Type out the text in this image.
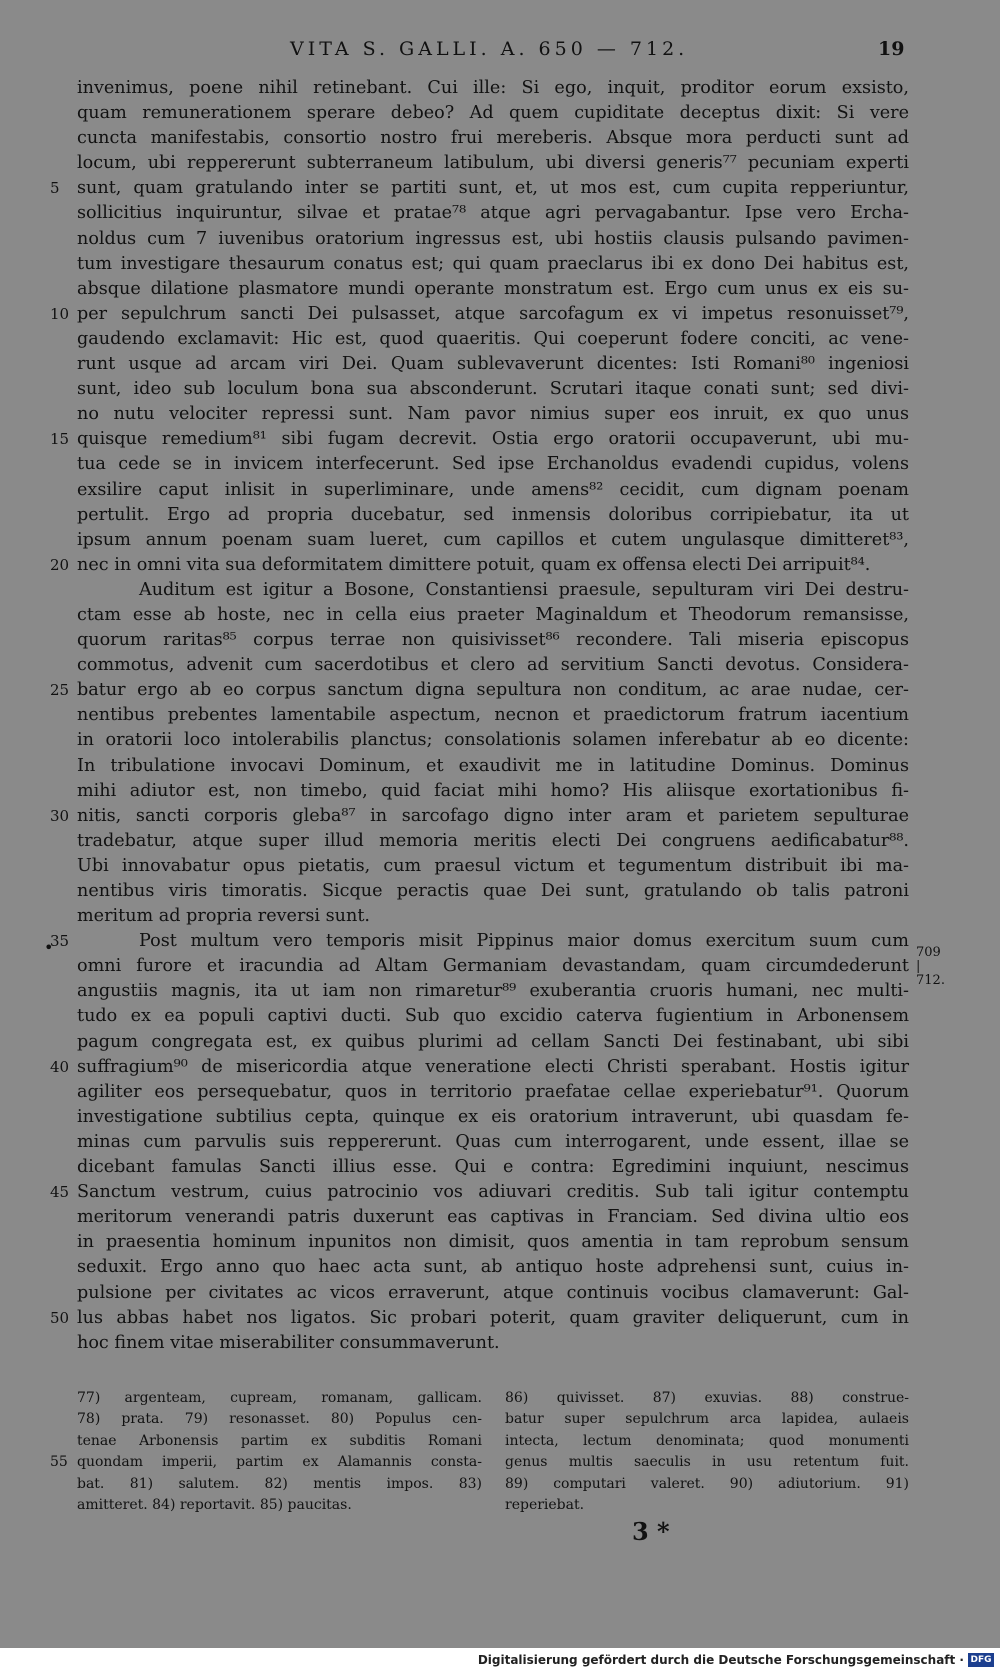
VITA S. GALLI. A. 650 — 712.	19
invenimus, poene nihil retinebant. Cui ille: Si ego, inquit, proditor eorum exsisto,
quam remunerationem sperare debeo? Ad quem cupiditate deceptus dixit: Si vere
cuncta manifestabis, consortio nostro frui mereberis. Absque mora perducti sunt ad
locum, ubi reppererunt subterraneum latibulum, ubi diversi generis⁷⁷ pecuniam experti
5 sunt, quam gratulando inter se partiti sunt, et, ut mos est, cum cupita repperiuntur,
sollicitius inquiruntur, silvae et pratae⁷⁸ atque agri pervagabantur. Ipse vero Ercha-
noldus cum 7 iuvenibus oratorium ingressus est, ubi hostiis clausis pulsando pavimen-
tum investigare thesaurum conatus est; qui quam praeclarus ibi ex dono Dei habitus est,
absque dilatione plasmatore mundi operante monstratum est. Ergo cum unus ex eis su-
10 per sepulchrum sancti Dei pulsasset, atque sarcofagum ex vi impetus resonuisset⁷⁹,
gaudendo exclamavit: Hic est, quod quaeritis. Qui coeperunt fodere conciti, ac vene-
runt usque ad arcam viri Dei. Quam sublevaverunt dicentes: Isti Romani⁸⁰ ingeniosi
sunt, ideo sub loculum bona sua absconderunt. Scrutari itaque conati sunt; sed divi-
no nutu velociter repressi sunt. Nam pavor nimius super eos inruit, ex quo unus
15 quisque remedium⁸¹ sibi fugam decrevit. Ostia ergo oratorii occupaverunt, ubi mu-
tua cede se in invicem interfecerunt. Sed ipse Erchanoldus evadendi cupidus, volens
exsilire caput inlisit in superliminare, unde amens⁸² cecidit, cum dignam poenam
pertulit. Ergo ad propria ducebatur, sed inmensis doloribus corripiebatur, ita ut
ipsum annum poenam suam lueret, cum capillos et cutem ungulasque dimitteret⁸³,
20 nec in omni vita sua deformitatem dimittere potuit, quam ex offensa electi Dei arripuit⁸⁴.
Auditum est igitur a Bosone, Constantiensi praesule, sepulturam viri Dei destru-
ctam esse ab hoste, nec in cella eius praeter Maginaldum et Theodorum remansisse,
quorum raritas⁸⁵ corpus terrae non quisivisset⁸⁶ recondere. Tali miseria episcopus
commotus, advenit cum sacerdotibus et clero ad servitium Sancti devotus. Considera-
25 batur ergo ab eo corpus sanctum digna sepultura non conditum, ac arae nudae, cer-
nentibus prebentes lamentabile aspectum, necnon et praedictorum fratrum iacentium
in oratorii loco intolerabilis planctus; consolationis solamen inferebatur ab eo dicente:
In tribulatione invocavi Dominum, et exaudivit me in latitudine Dominus. Dominus
mihi adiutor est, non timebo, quid faciat mihi homo? His aliisque exortationibus fi-
30 nitis, sancti corporis gleba⁸⁷ in sarcofago digno inter aram et parietem sepulturae
tradebatur, atque super illud memoria meritis electi Dei congruens aedificabatur⁸⁸.
Ubi innovabatur opus pietatis, cum praesul victum et tegumentum distribuit ibi ma-
nentibus viris timoratis. Sicque peractis quae Dei sunt, gratulando ob talis patroni
meritum ad propria reversi sunt.
35	Post multum vero temporis misit Pippinus maior domus exercitum suum cum
omni furore et iracundia ad Altam Germaniam devastandam, quam circumdederunt
angustiis magnis, ita ut iam non rimaretur⁸⁹ exuberantia cruoris humani, nec multi-
tudo ex ea populi captivi ducti. Sub quo excidio caterva fugientium in Arbonensem
pagum congregata est, ex quibus plurimi ad cellam Sancti Dei festinabant, ubi sibi
40 suffragium⁹⁰ de misericordia atque veneratione electi Christi sperabant. Hostis igitur
agiliter eos persequebatur, quos in territorio praefatae cellae experiebatur⁹¹. Quorum
investigatione subtilius cepta, quinque ex eis oratorium intraverunt, ubi quasdam fe-
minas cum parvulis suis reppererunt. Quas cum interrogarent, unde essent, illae se
dicebant famulas Sancti illius esse. Qui e contra: Egredimini inquiunt, nescimus
45 Sanctum vestrum, cuius patrocinio vos adiuvari creditis. Sub tali igitur contemptu
meritorum venerandi patris duxerunt eas captivas in Franciam. Sed divina ultio eos
in praesentia hominum inpunitos non dimisit, quos amentia in tam reprobum sensum
seduxit. Ergo anno quo haec acta sunt, ab antiquo hoste adprehensi sunt, cuius in-
pulsione per civitates ac vicos erraverunt, atque continuis vocibus clamaverunt: Gal-
50 lus abbas habet nos ligatos. Sic probari poterit, quam graviter deliquerunt, cum in
hoc finem vitae miserabiliter consummaverunt.
•	709
|
712.
77) argenteam, cupream, romanam, gallicam.
78) prata. 79) resonasset. 80) Populus cen-
tenae Arbonensis partim ex subditis Romani
55 quondam imperii, partim ex Alamannis consta-
bat. 81) salutem. 82) mentis impos. 83)
amitteret. 84) reportavit. 85) paucitas.
86) quivisset. 87) exuvias. 88) construe-
batur super sepulchrum arca lapidea, aulaeis
intecta, lectum denominata; quod monumenti
genus multis saeculis in usu retentum fuit.
89) computari valeret. 90) adiutorium. 91)
reperiebat.
3 *
Digitalisierung gefördert durch die Deutsche Forschungsgemeinschaft · DFG
